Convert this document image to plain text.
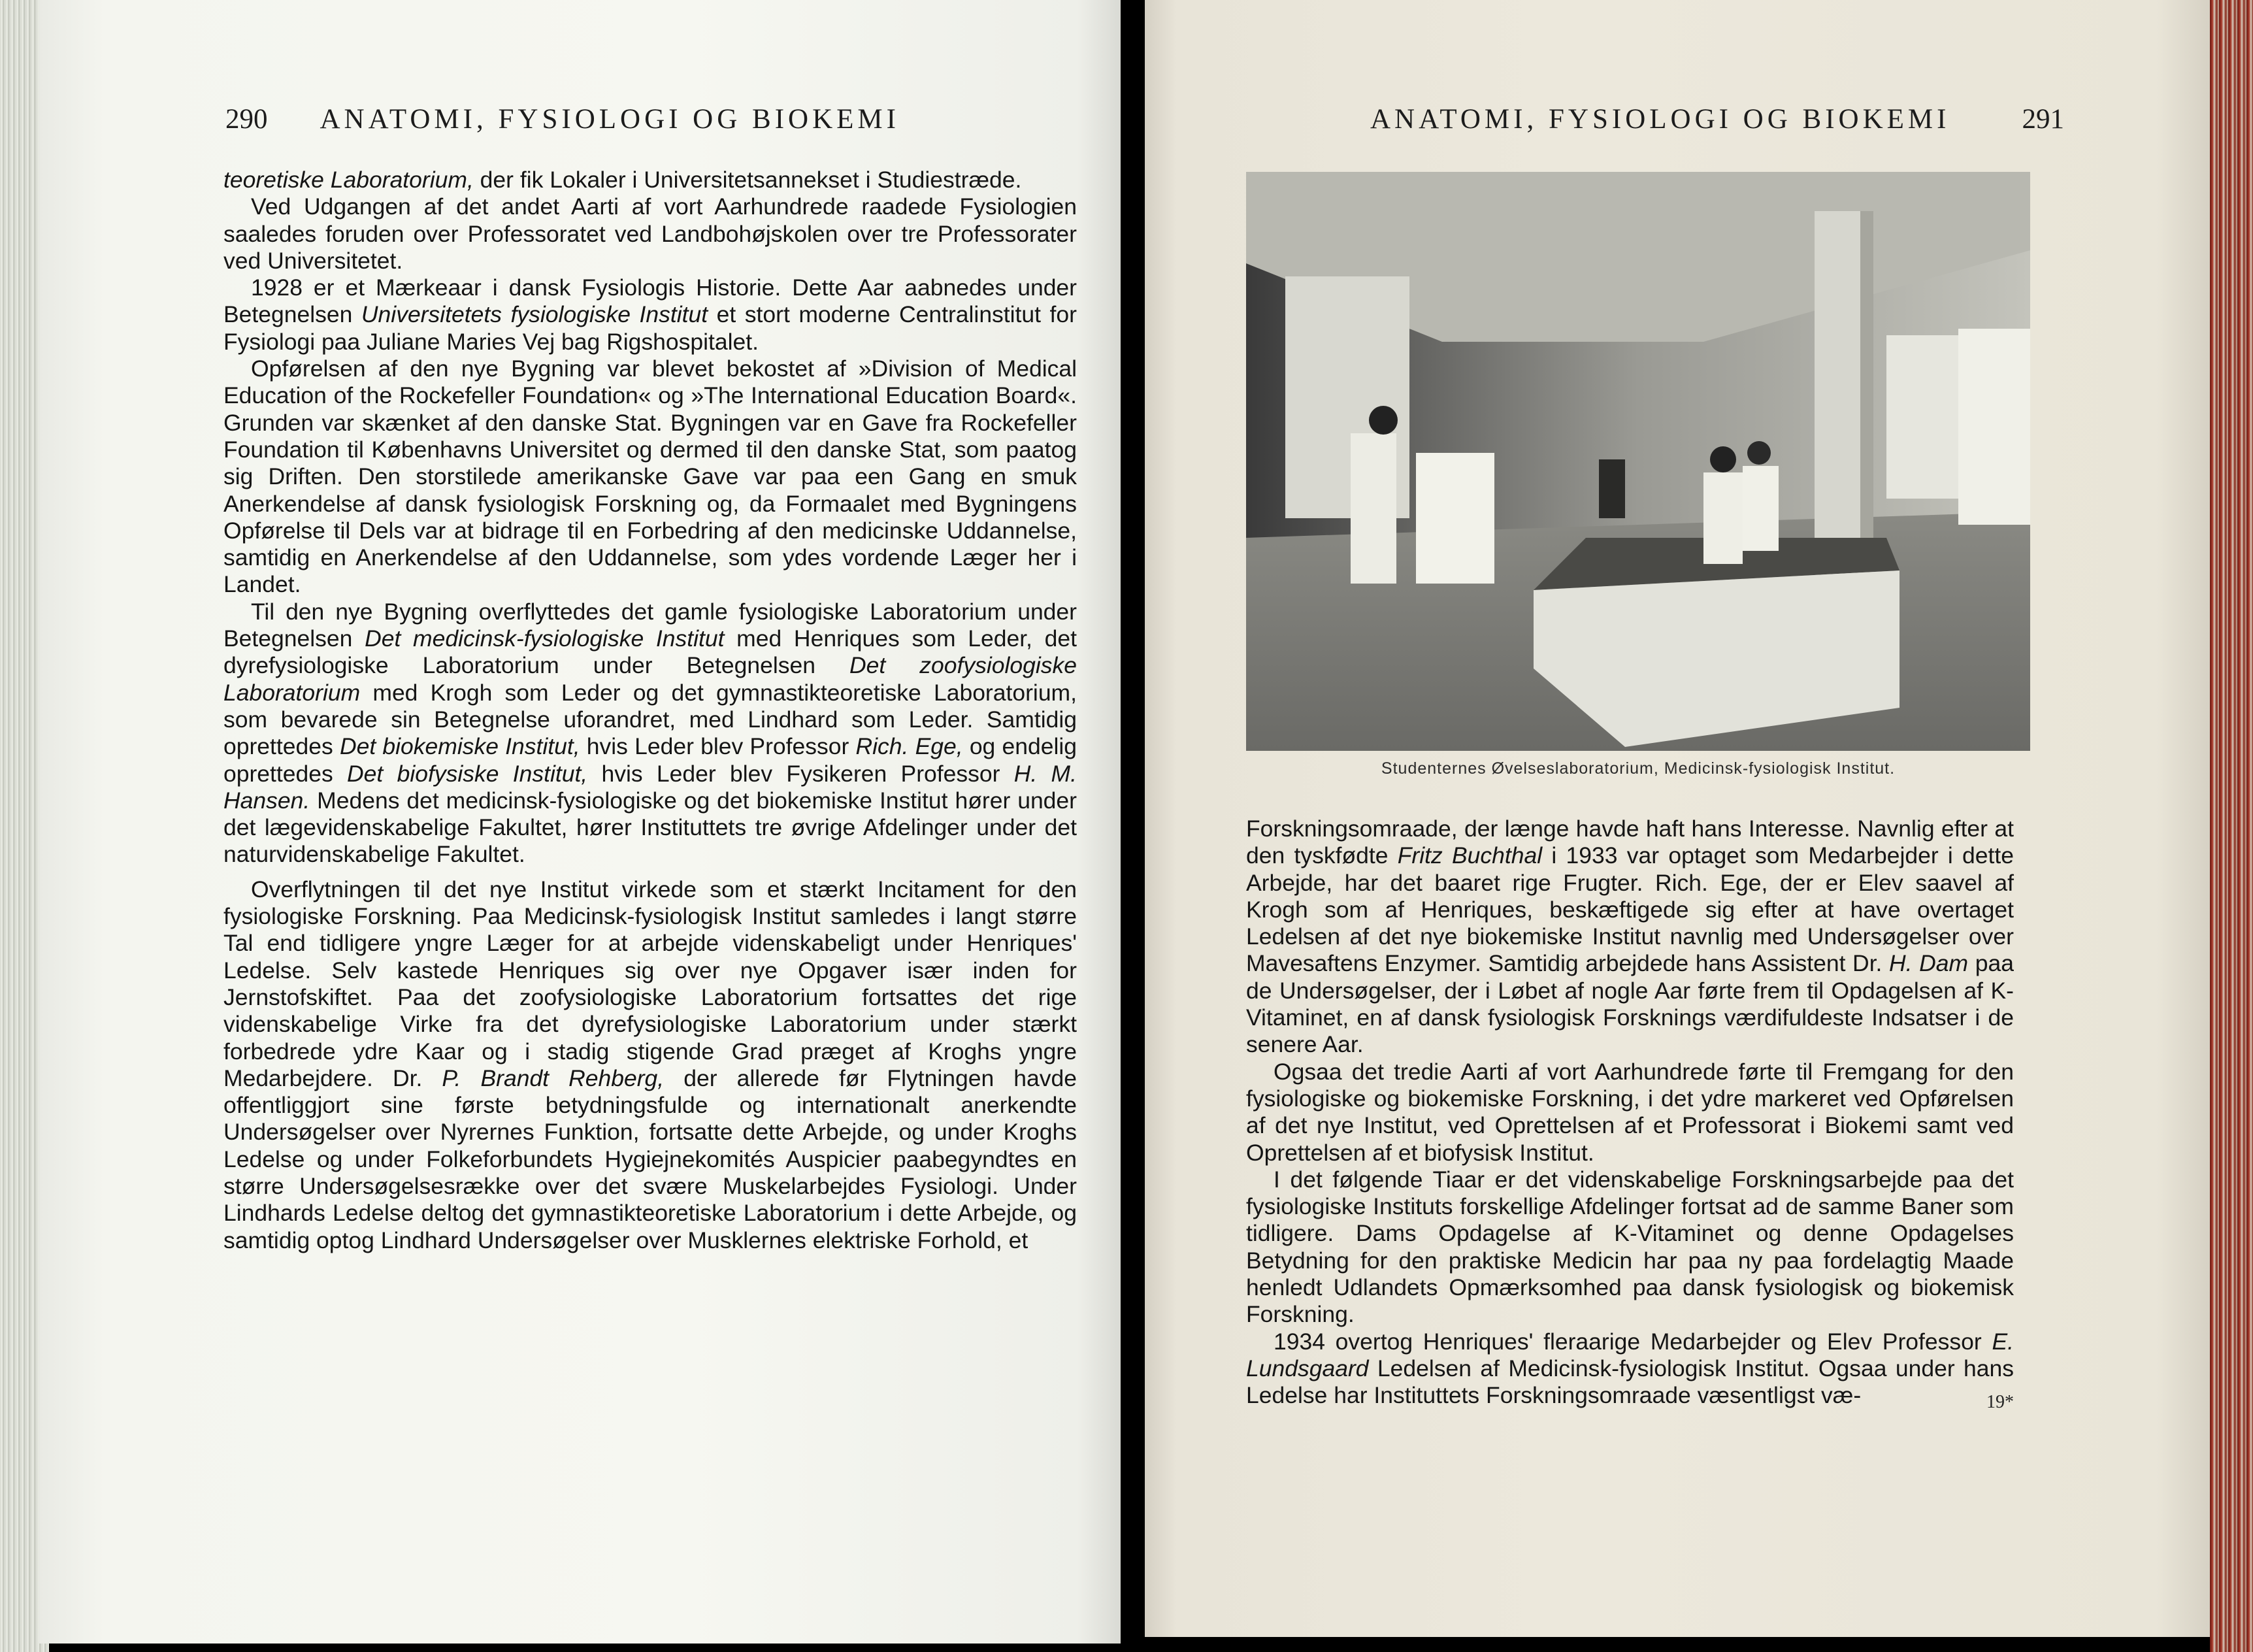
290 ANATOMI, FYSIOLOGI OG BIOKEMI

teoretiske Laboratorium, der fik Lokaler i Universitetsannekset i Studiestræde.

Ved Udgangen af det andet Aarti af vort Aarhundrede raadede Fysiologien saaledes foruden over Professoratet ved Landbohøjskolen over tre Professorater ved Universitetet.

1928 er et Mærkeaar i dansk Fysiologis Historie. Dette Aar aabnedes under Betegnelsen Universitetets fysiologiske Institut et stort moderne Centralinstitut for Fysiologi paa Juliane Maries Vej bag Rigshospitalet.

Opførelsen af den nye Bygning var blevet bekostet af »Division of Medical Education of the Rockefeller Foundation« og »The International Education Board«. Grunden var skænket af den danske Stat. Bygningen var en Gave fra Rockefeller Foundation til Københavns Universitet og dermed til den danske Stat, som paatog sig Driften. Den storstilede amerikanske Gave var paa een Gang en smuk Anerkendelse af dansk fysiologisk Forskning og, da Formaalet med Bygningens Opførelse til Dels var at bidrage til en Forbedring af den medicinske Uddannelse, samtidig en Anerkendelse af den Uddannelse, som ydes vordende Læger her i Landet.

Til den nye Bygning overflyttedes det gamle fysiologiske Laboratorium under Betegnelsen Det medicinsk-fysiologiske Institut med Henriques som Leder, det dyrefysiologiske Laboratorium under Betegnelsen Det zoofysiologiske Laboratorium med Krogh som Leder og det gymnastikteoretiske Laboratorium, som bevarede sin Betegnelse uforandret, med Lindhard som Leder. Samtidig oprettedes Det biokemiske Institut, hvis Leder blev Professor Rich. Ege, og endelig oprettedes Det biofysiske Institut, hvis Leder blev Fysikeren Professor H. M. Hansen. Medens det medicinsk-fysiologiske og det biokemiske Institut hører under det lægevidenskabelige Fakultet, hører Instituttets tre øvrige Afdelinger under det naturvidenskabelige Fakultet.

Overflytningen til det nye Institut virkede som et stærkt Incitament for den fysiologiske Forskning. Paa Medicinsk-fysiologisk Institut samledes i langt større Tal end tidligere yngre Læger for at arbejde videnskabeligt under Henriques' Ledelse. Selv kastede Henriques sig over nye Opgaver især inden for Jernstofskiftet. Paa det zoofysiologiske Laboratorium fortsattes det rige videnskabelige Virke fra det dyrefysiologiske Laboratorium under stærkt forbedrede ydre Kaar og i stadig stigende Grad præget af Kroghs yngre Medarbejdere. Dr. P. Brandt Rehberg, der allerede før Flytningen havde offentliggjort sine første betydningsfulde og internationalt anerkendte Undersøgelser over Nyrernes Funktion, fortsatte dette Arbejde, og under Kroghs Ledelse og under Folkeforbundets Hygiejnekomités Auspicier paabegyndtes en større Undersøgelsesrække over det svære Muskelarbejdes Fysiologi. Under Lindhards Ledelse deltog det gymnastikteoretiske Laboratorium i dette Arbejde, og samtidig optog Lindhard Undersøgelser over Musklernes elektriske Forhold, et

ANATOMI, FYSIOLOGI OG BIOKEMI	291
Studenternes Øvelseslaboratorium, Medicinsk-fysiologisk Institut.

Forskningsomraade, der længe havde haft hans Interesse. Navnlig efter at den tyskfødte Fritz Buchthal i 1933 var optaget som Medarbejder i dette Arbejde, har det baaret rige Frugter. Rich. Ege, der er Elev saavel af Krogh som af Henriques, beskæftigede sig efter at have overtaget Ledelsen af det nye biokemiske Institut navnlig med Undersøgelser over Mavesaftens Enzymer. Samtidig arbejdede hans Assistent Dr. H. Dam paa de Undersøgelser, der i Løbet af nogle Aar førte frem til Opdagelsen af K-Vitaminet, en af dansk fysiologisk Forsknings værdifuldeste Indsatser i de senere Aar.

Ogsaa det tredie Aarti af vort Aarhundrede førte til Fremgang for den fysiologiske og biokemiske Forskning, i det ydre markeret ved Opførelsen af det nye Institut, ved Oprettelsen af et Professorat i Biokemi samt ved Oprettelsen af et biofysisk Institut.

I det følgende Tiaar er det videnskabelige Forskningsarbejde paa det fysiologiske Instituts forskellige Afdelinger fortsat ad de samme Baner som tidligere. Dams Opdagelse af K-Vitaminet og denne Opdagelses Betydning for den praktiske Medicin har paa ny paa fordelagtig Maade henledt Udlandets Opmærksomhed paa dansk fysiologisk og biokemisk Forskning.

1934 overtog Henriques' fleraarige Medarbejder og Elev Professor E. Lundsgaard Ledelsen af Medicinsk-fysiologisk Institut. Ogsaa under hans Ledelse har Instituttets Forskningsomraade væsentligst væ-	19*
